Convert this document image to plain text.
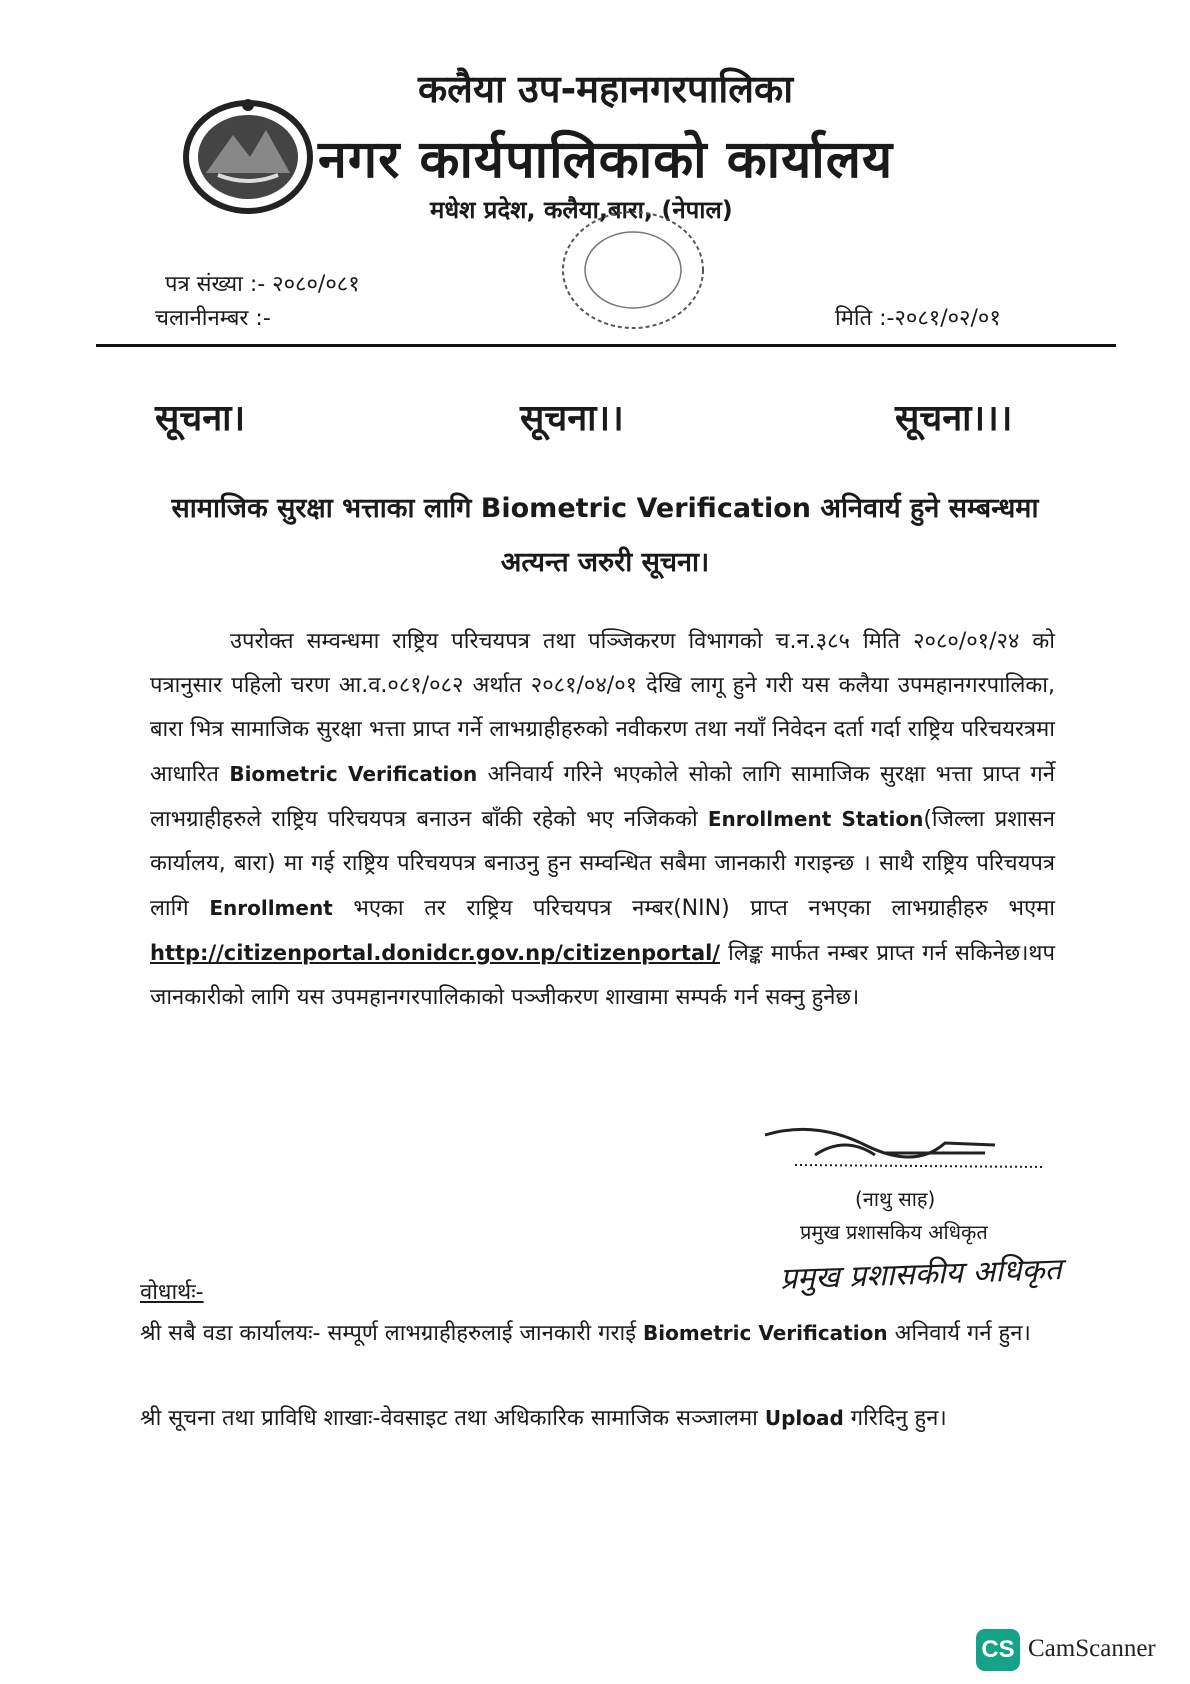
कलैया उप-महानगरपालिका
नगर कार्यपालिकाको कार्यालय
मधेश प्रदेश, कलैया,बारा, (नेपाल)
पत्र संख्या :- २०८०/०८१
चलानीनम्बर :-	मिति :-२०८१/०२/०१
सूचना।	सूचना।।	सूचना।।।
सामाजिक सुरक्षा भत्ताका लागि Biometric Verification अनिवार्य हुने सम्बन्धमा अत्यन्त जरुरी सूचना।
उपरोक्त सम्वन्धमा राष्ट्रिय परिचयपत्र तथा पञ्जिकरण विभागको च.न.३८५ मिति २०८०/०१/२४ को पत्रानुसार पहिलो चरण आ.व.०८१/०८२ अर्थात २०८१/०४/०१ देखि लागू हुने गरी यस कलैया उपमहानगरपालिका, बारा भित्र सामाजिक सुरक्षा भत्ता प्राप्त गर्ने लाभग्राहीहरुको नवीकरण तथा नयाँ निवेदन दर्ता गर्दा राष्ट्रिय परिचयरत्रमा आधारित Biometric Verification अनिवार्य गरिने भएकोले सोको लागि सामाजिक सुरक्षा भत्ता प्राप्त गर्ने लाभग्राहीहरुले राष्ट्रिय परिचयपत्र बनाउन बाँकी रहेको भए नजिकको Enrollment Station(जिल्ला प्रशासन कार्यालय, बारा) मा गई राष्ट्रिय परिचयपत्र बनाउनु हुन सम्वन्धित सबैमा जानकारी गराइन्छ । साथै राष्ट्रिय परिचयपत्र लागि Enrollment भएका तर राष्ट्रिय परिचयपत्र नम्बर(NIN) प्राप्त नभएका लाभग्राहीहरु भएमा http://citizenportal.donidcr.gov.np/citizenportal/ लिङ्क मार्फत नम्बर प्राप्त गर्न सकिनेछ।थप जानकारीको लागि यस उपमहानगरपालिकाको पञ्जीकरण शाखामा सम्पर्क गर्न सक्नु हुनेछ।
(नाथु साह)
प्रमुख प्रशासकिय अधिकृत
प्रमुख प्रशासकीय अधिकृत
वोधार्थः-
श्री सबै वडा कार्यालयः- सम्पूर्ण लाभग्राहीहरुलाई जानकारी गराई Biometric Verification अनिवार्य गर्न हुन।
श्री सूचना तथा प्राविधि शाखाः-वेवसाइट तथा अधिकारिक सामाजिक सञ्जालमा Upload गरिदिनु हुन।
CS CamScanner
